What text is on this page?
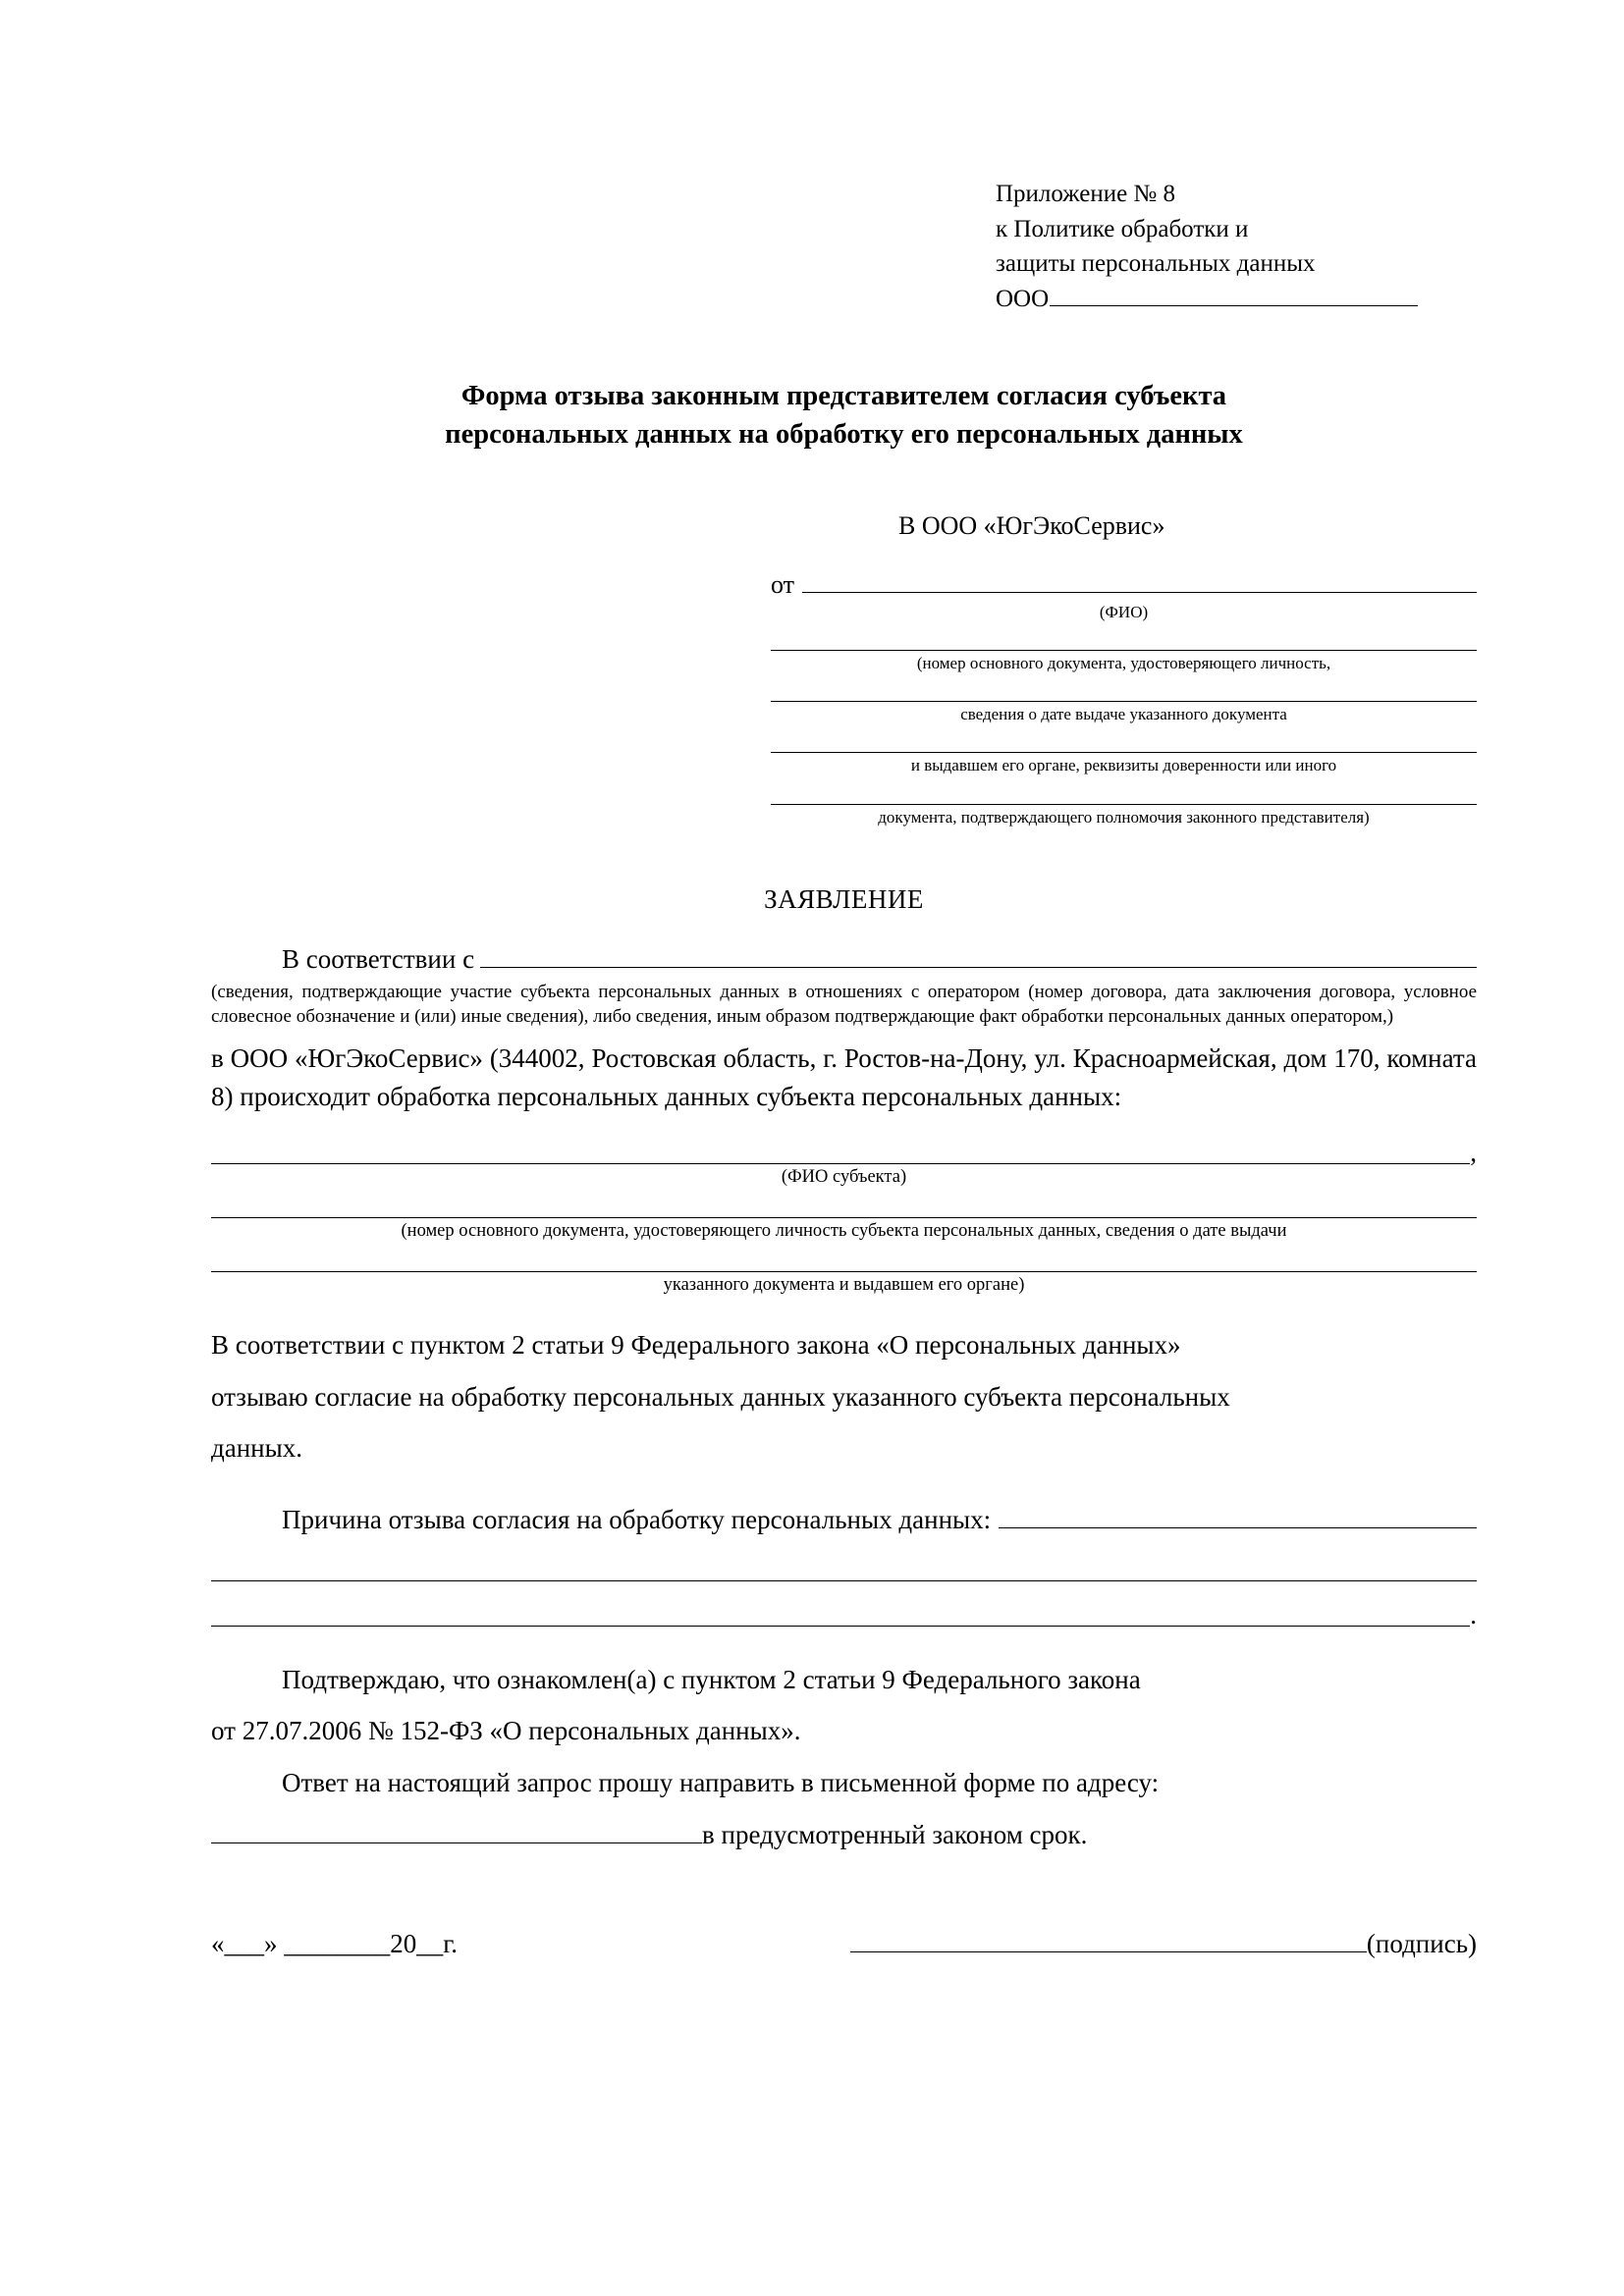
Приложение № 8
к Политике обработки и
защиты персональных данных
ООО
Форма отзыва законным представителем согласия субъекта
персональных данных на обработку его персональных данных
В ООО «ЮгЭкоСервис»
от
(ФИО)
(номер основного документа, удостоверяющего личность,
сведения о дате выдаче указанного документа
и выдавшем его органе, реквизиты доверенности или иного
документа, подтверждающего полномочия законного представителя)
ЗАЯВЛЕНИЕ
В соответствии с
(сведения, подтверждающие участие субъекта персональных данных в отношениях с оператором (номер договора, дата заключения договора, условное словесное обозначение и (или) иные сведения), либо сведения, иным образом подтверждающие факт обработки персональных данных оператором,)
в ООО «ЮгЭкоСервис» (344002, Ростовская область, г. Ростов-на-Дону, ул. Красноармейская, дом 170, комната 8) происходит обработка персональных данных субъекта персональных данных:
,
(ФИО субъекта)
(номер основного документа, удостоверяющего личность субъекта персональных данных, сведения о дате выдачи
указанного документа и выдавшем его органе)

В соответствии с пунктом 2 статьи 9 Федерального закона «О персональных данных»

отзываю согласие на обработку персональных данных указанного субъекта персональных

данных.

Причина отзыва согласия на обработку персональных данных:
.

Подтверждаю, что ознакомлен(а) с пунктом 2 статьи 9 Федерального закона

от 27.07.2006 № 152-ФЗ «О персональных данных».

Ответ на настоящий запрос прошу направить в письменной форме по адресу:

в предусмотренный законом срок.
«___» ________20__г.	(подпись)
